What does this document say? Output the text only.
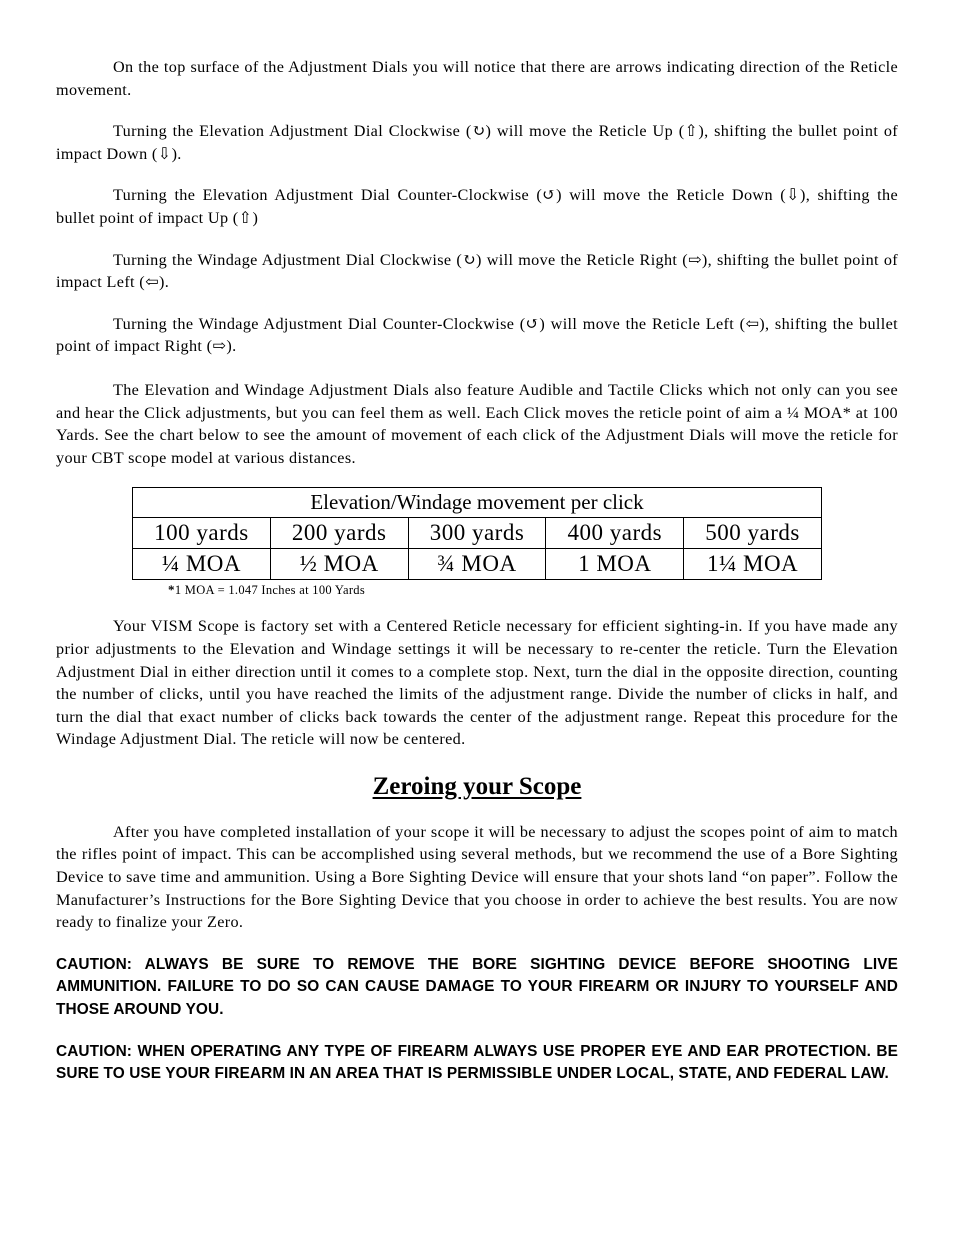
On the top surface of the Adjustment Dials you will notice that there are arrows indicating direction of the Reticle movement.

Turning the Elevation Adjustment Dial Clockwise (↻) will move the Reticle Up (⇧), shifting the bullet point of impact Down (⇩).

Turning the Elevation Adjustment Dial Counter-Clockwise (↺) will move the Reticle Down (⇩), shifting the bullet point of impact Up (⇧)

Turning the Windage Adjustment Dial Clockwise (↻) will move the Reticle Right (⇨), shifting the bullet point of impact Left (⇦).

Turning the Windage Adjustment Dial Counter-Clockwise (↺) will move the Reticle Left (⇦), shifting the bullet point of impact Right (⇨).

The Elevation and Windage Adjustment Dials also feature Audible and Tactile Clicks which not only can you see and hear the Click adjustments, but you can feel them as well. Each Click moves the reticle point of aim a ¼ MOA* at 100 Yards. See the chart below to see the amount of movement of each click of the Adjustment Dials will move the reticle for your CBT scope model at various distances.

Elevation/Windage movement per click				
100 yards	200 yards	300 yards	400 yards	500 yards
¼ MOA	½ MOA	¾ MOA	1 MOA	1¼ MOA
*1 MOA = 1.047 Inches at 100 Yards

Your VISM Scope is factory set with a Centered Reticle necessary for efficient sighting-in. If you have made any prior adjustments to the Elevation and Windage settings it will be necessary to re-center the reticle. Turn the Elevation Adjustment Dial in either direction until it comes to a complete stop. Next, turn the dial in the opposite direction, counting the number of clicks, until you have reached the limits of the adjustment range. Divide the number of clicks in half, and turn the dial that exact number of clicks back towards the center of the adjustment range. Repeat this procedure for the Windage Adjustment Dial. The reticle will now be centered.

Zeroing your Scope

After you have completed installation of your scope it will be necessary to adjust the scopes point of aim to match the rifles point of impact. This can be accomplished using several methods, but we recommend the use of a Bore Sighting Device to save time and ammunition. Using a Bore Sighting Device will ensure that your shots land “on paper”. Follow the Manufacturer’s Instructions for the Bore Sighting Device that you choose in order to achieve the best results. You are now ready to finalize your Zero.

CAUTION: ALWAYS BE SURE TO REMOVE THE BORE SIGHTING DEVICE BEFORE SHOOTING LIVE AMMUNITION. FAILURE TO DO SO CAN CAUSE DAMAGE TO YOUR FIREARM OR INJURY TO YOURSELF AND THOSE AROUND YOU.

CAUTION: WHEN OPERATING ANY TYPE OF FIREARM ALWAYS USE PROPER EYE AND EAR PROTECTION. BE SURE TO USE YOUR FIREARM IN AN AREA THAT IS PERMISSIBLE UNDER LOCAL, STATE, AND FEDERAL LAW.
